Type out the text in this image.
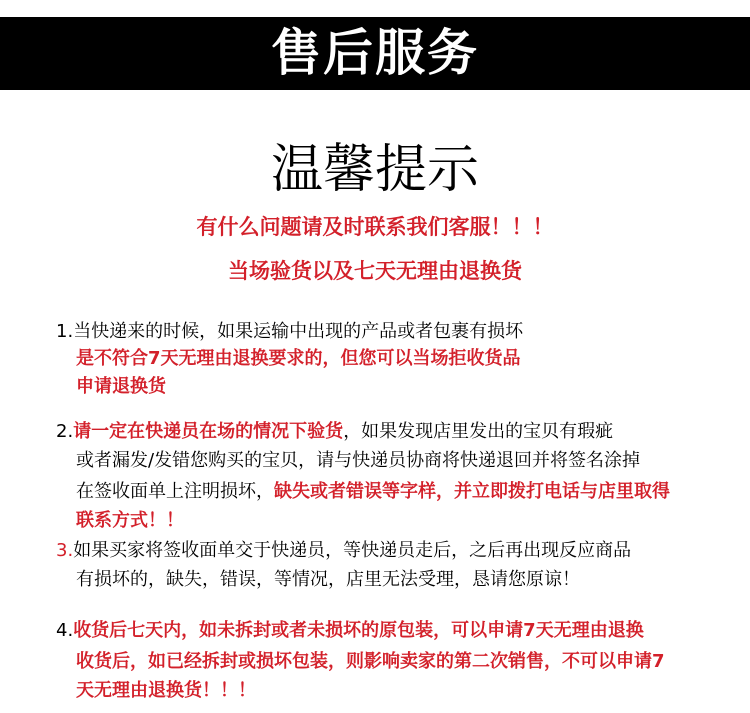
售后服务
温馨提示
有什么问题请及时联系我们客服！！！
当场验货以及七天无理由退换货
1.当快递来的时候，如果运输中出现的产品或者包裹有损坏
是不符合7天无理由退换要求的，但您可以当场拒收货品
申请退换货
2.请一定在快递员在场的情况下验货，如果发现店里发出的宝贝有瑕疵
或者漏发/发错您购买的宝贝，请与快递员协商将快递退回并将签名涂掉
在签收面单上注明损坏，缺失或者错误等字样，并立即拨打电话与店里取得
联系方式！！
3.如果买家将签收面单交于快递员，等快递员走后，之后再出现反应商品
有损坏的，缺失，错误，等情况，店里无法受理，恳请您原谅！
4.收货后七天内，如未拆封或者未损坏的原包装，可以申请7天无理由退换
收货后，如已经拆封或损坏包装，则影响卖家的第二次销售，不可以申请7
天无理由退换货！！！
